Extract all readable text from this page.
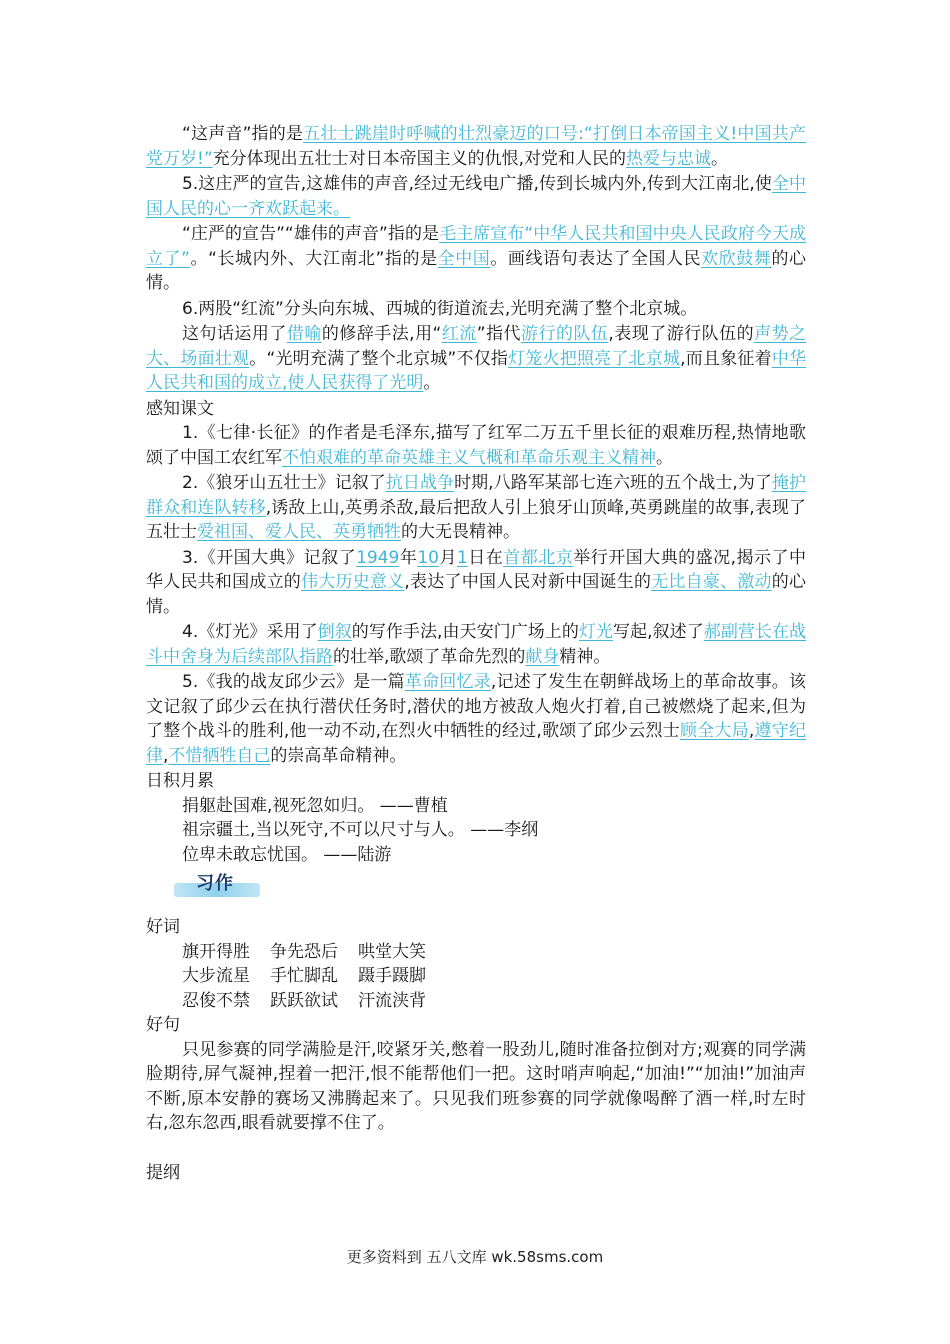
“这声音”指的是五壮士跳崖时呼喊的壮烈豪迈的口号:“打倒日本帝国主义!中国共产党万岁!”充分体现出五壮士对日本帝国主义的仇恨,对党和人民的热爱与忠诚。

5.这庄严的宣告,这雄伟的声音,经过无线电广播,传到长城内外,传到大江南北,使全中国人民的心一齐欢跃起来。

“庄严的宣告”“雄伟的声音”指的是毛主席宣布“中华人民共和国中央人民政府今天成立了”。“长城内外、大江南北”指的是全中国。画线语句表达了全国人民欢欣鼓舞的心情。

6.两股“红流”分头向东城、西城的街道流去,光明充满了整个北京城。

这句话运用了借喻的修辞手法,用“红流”指代游行的队伍,表现了游行队伍的声势之大、场面壮观。“光明充满了整个北京城”不仅指灯笼火把照亮了北京城,而且象征着中华人民共和国的成立,使人民获得了光明。

感知课文

1.《七律·长征》的作者是毛泽东,描写了红军二万五千里长征的艰难历程,热情地歌颂了中国工农红军不怕艰难的革命英雄主义气概和革命乐观主义精神。

2.《狼牙山五壮士》记叙了抗日战争时期,八路军某部七连六班的五个战士,为了掩护群众和连队转移,诱敌上山,英勇杀敌,最后把敌人引上狼牙山顶峰,英勇跳崖的故事,表现了五壮士爱祖国、爱人民、英勇牺牲的大无畏精神。

3.《开国大典》记叙了1949年10月1日在首都北京举行开国大典的盛况,揭示了中华人民共和国成立的伟大历史意义,表达了中国人民对新中国诞生的无比自豪、激动的心情。

4.《灯光》采用了倒叙的写作手法,由天安门广场上的灯光写起,叙述了郝副营长在战斗中舍身为后续部队指路的壮举,歌颂了革命先烈的献身精神。

5.《我的战友邱少云》是一篇革命回忆录,记述了发生在朝鲜战场上的革命故事。该文记叙了邱少云在执行潜伏任务时,潜伏的地方被敌人炮火打着,自己被燃烧了起来,但为了整个战斗的胜利,他一动不动,在烈火中牺牲的经过,歌颂了邱少云烈士顾全大局,遵守纪律,不惜牺牲自己的崇高革命精神。

日积月累
捐躯赴国难,视死忽如归。 ——曹植
祖宗疆土,当以死守,不可以尺寸与人。 ——李纲
位卑未敢忘忧国。 ——陆游
习作
好词
旗开得胜 争先恐后 哄堂大笑
大步流星 手忙脚乱 蹑手蹑脚
忍俊不禁 跃跃欲试 汗流浃背
好句

只见参赛的同学满脸是汗,咬紧牙关,憋着一股劲儿,随时准备拉倒对方;观赛的同学满脸期待,屏气凝神,捏着一把汗,恨不能帮他们一把。这时哨声响起,“加油!”“加油!”加油声不断,原本安静的赛场又沸腾起来了。只见我们班参赛的同学就像喝醉了酒一样,时左时右,忽东忽西,眼看就要撑不住了。

提纲
更多资料到 五八文库 wk.58sms.com
